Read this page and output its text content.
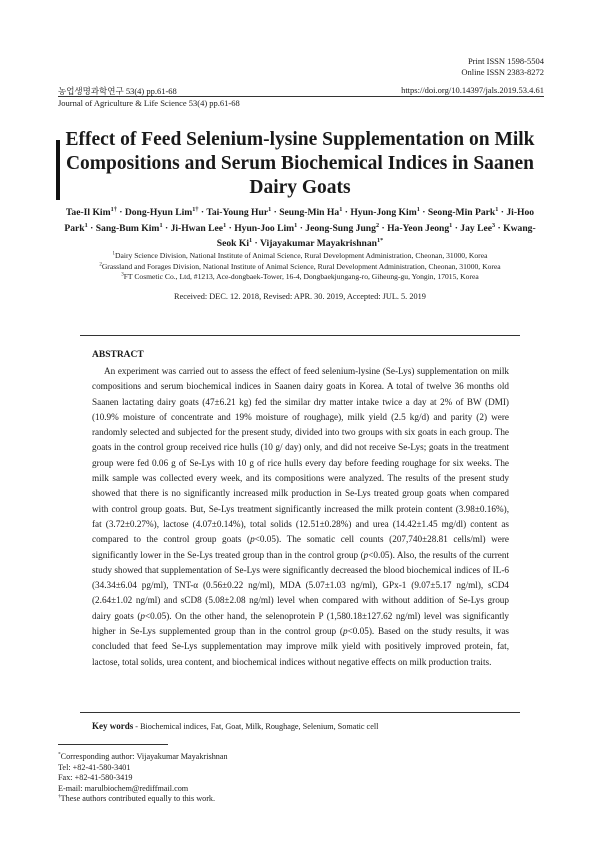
Print ISSN 1598-5504
Online ISSN 2383-8272
농업생명과학연구 53(4) pp.61-68	https://doi.org/10.14397/jals.2019.53.4.61
Journal of Agriculture & Life Science 53(4) pp.61-68
Effect of Feed Selenium-lysine Supplementation on Milk Compositions and Serum Biochemical Indices in Saanen Dairy Goats
Tae-Il Kim$^{1\dagger}$ · Dong-Hyun Lim$^{1\dagger}$ · Tai-Young Hur$^1$ · Seung-Min $Ha^1$ · Hyun-Jong Kim$^1$ · Seong-Min Park$^1$ · Ji-Hoo Park$^1$ · Sang-Bum Kim$^1$ · Ji-Hwan Lee$^1$ · Hyun-Joo Lim$^1$ · Jeong-Sung Jung$^2$ · Ha-Yeon Jeong$^1$ · Jay Lee$^3$ · Kwang-Seok $Ki^1$ · Vijayakumar Mayakrishnan$^{1*}$
$^1$Dairy Science Division, National Institute of Animal Science, Rural Development Administration, Cheonan, 31000, Korea
$^2$Grassland and Forages Division, National Institute of Animal Science, Rural Development Administration, Cheonan, 31000, Korea
$^3$FT Cosmetic Co., Ltd, #1213, Ace-dongbaek-Tower, 16-4, Dongbaekjungang-ro, Giheung-gu, Yongin, 17015, Korea
Received: DEC. 12. 2018, Revised: APR. 30. 2019, Accepted: JUL. 5. 2019
ABSTRACT
An experiment was carried out to assess the effect of feed selenium-lysine (Se-Lys) supplementation on milk compositions and serum biochemical indices in Saanen dairy goats in Korea. A total of twelve 36 months old Saanen lactating dairy goats (47±6.21 kg) fed the similar dry matter intake twice a day at 2% of BW (DMI) (10.9% moisture of concentrate and 19% moisture of roughage), milk yield (2.5 kg/d) and parity (2) were randomly selected and subjected for the present study, divided into two groups with six goats in each group. The goats in the control group received rice hulls (10 g/ day) only, and did not receive Se-Lys; goats in the treatment group were fed 0.06 g of Se-Lys with 10 g of rice hulls every day before feeding roughage for six weeks. The milk sample was collected every week, and its compositions were analyzed. The results of the present study showed that there is no significantly increased milk production in Se-Lys treated group goats when compared with control group goats. But, Se-Lys treatment significantly increased the milk protein content (3.98±0.16%), fat (3.72±0.27%), lactose (4.07±0.14%), total solids (12.51±0.28%) and urea (14.42±1.45 mg/dl) content as compared to the control group goats (p<0.05). The somatic cell counts (207,740±28.81 cells/ml) were significantly lower in the Se-Lys treated group than in the control group (p<0.05). Also, the results of the current study showed that supplementation of Se-Lys were significantly decreased the blood biochemical indices of IL-6 (34.34±6.04 pg/ml), TNT-α (0.56±0.22 ng/ml), MDA (5.07±1.03 ng/ml), GPx-1 (9.07±5.17 ng/ml), sCD4 (2.64±1.02 ng/ml) and sCD8 (5.08±2.08 ng/ml) level when compared with without addition of Se-Lys group dairy goats (p<0.05). On the other hand, the selenoprotein P (1,580.18±127.62 ng/ml) level was significantly higher in Se-Lys supplemented group than in the control group (p<0.05). Based on the study results, it was concluded that feed Se-Lys supplementation may improve milk yield with positively improved protein, fat, lactose, total solids, urea content, and biochemical indices without negative effects on milk production traits.
Key words - Biochemical indices, Fat, Goat, Milk, Roughage, Selenium, Somatic cell
*Corresponding author: Vijayakumar Mayakrishnan
Tel: +82-41-580-3401
Fax: +82-41-580-3419
E-mail: marulbiochem@rediffmail.com
†These authors contributed equally to this work.
